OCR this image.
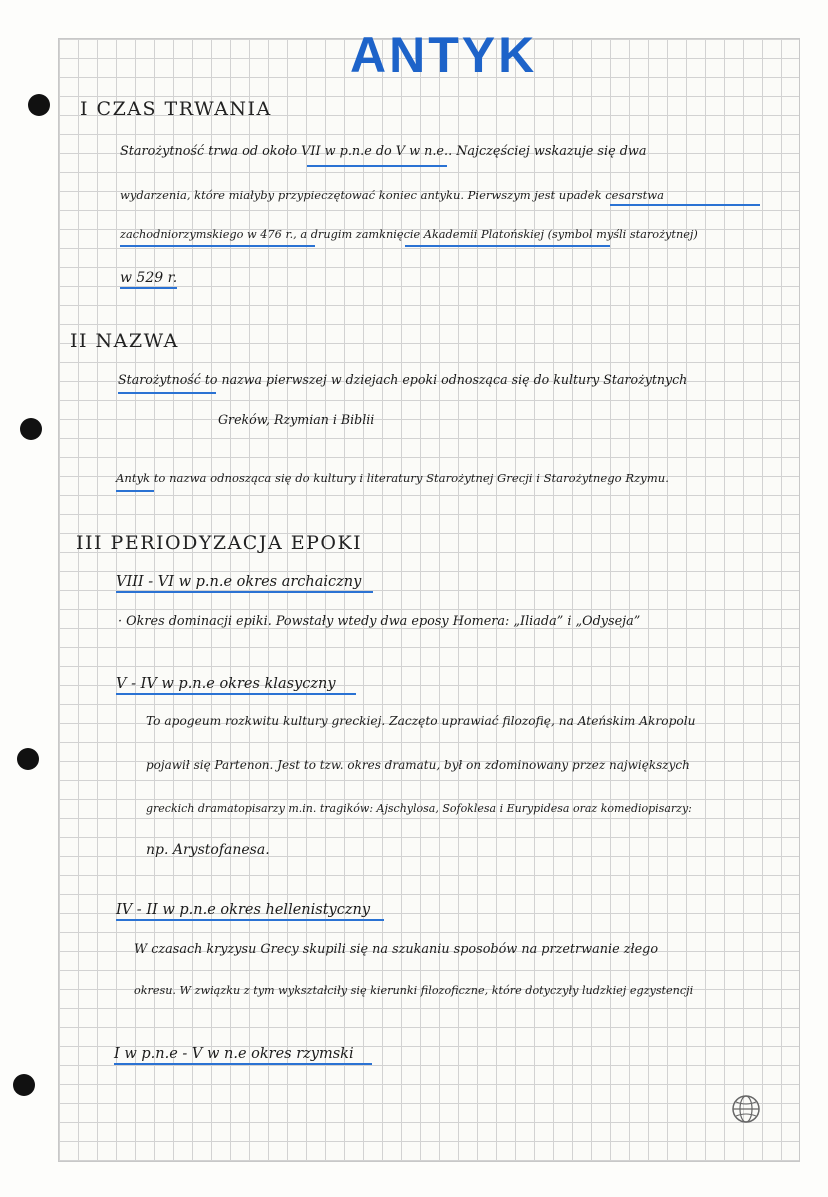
ANTYK
I CZAS TRWANIA
Starożytność trwa od około VII w p.n.e do V w n.e.. Najczęściej wskazuje się dwa
wydarzenia, które miałyby przypieczętować koniec antyku. Pierwszym jest upadek cesarstwa
zachodniorzymskiego w 476 r., a drugim zamknięcie Akademii Platońskiej (symbol myśli starożytnej)
w 529 r.
II NAZWA
Starożytność to nazwa pierwszej w dziejach epoki odnosząca się do kultury Starożytnych
Greków, Rzymian i Biblii
Antyk to nazwa odnosząca się do kultury i literatury Starożytnej Grecji i Starożytnego Rzymu.
III PERIODYZACJA EPOKI
VIII - VI w p.n.e okres archaiczny
· Okres dominacji epiki. Powstały wtedy dwa eposy Homera: „Iliada” i „Odyseja”
V - IV w p.n.e okres klasyczny
To apogeum rozkwitu kultury greckiej. Zaczęto uprawiać filozofię, na Ateńskim Akropolu
pojawił się Partenon. Jest to tzw. okres dramatu, był on zdominowany przez największych
greckich dramatopisarzy m.in. tragików: Ajschylosa, Sofoklesa i Eurypidesa oraz komediopisarzy:
np. Arystofanesa.
IV - II w p.n.e okres hellenistyczny
W czasach kryzysu Grecy skupili się na szukaniu sposobów na przetrwanie złego
okresu. W związku z tym wykształciły się kierunki filozoficzne, które dotyczyły ludzkiej egzystencji
I w p.n.e - V w n.e okres rzymski
